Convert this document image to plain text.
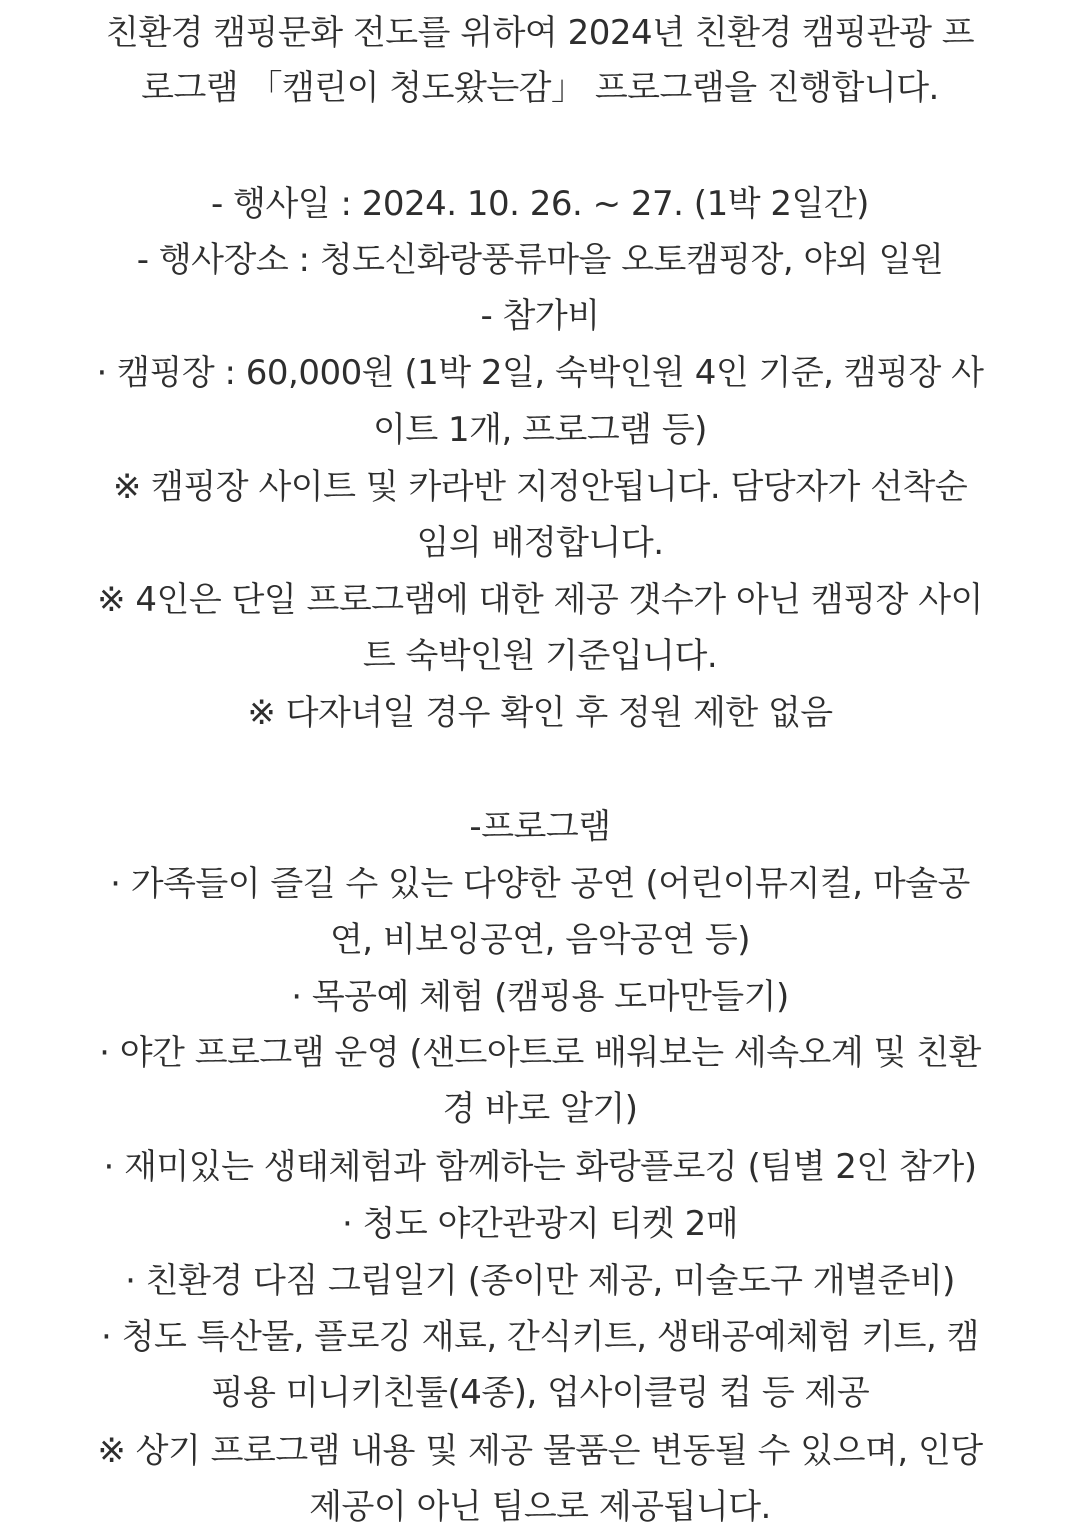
친환경 캠핑문화 전도를 위하여 2024년 친환경 캠핑관광 프
로그램 「캠린이 청도왔는감」 프로그램을 진행합니다.
- 행사일 : 2024. 10. 26. ~ 27. (1박 2일간)
- 행사장소 : 청도신화랑풍류마을 오토캠핑장, 야외 일원
- 참가비
· 캠핑장 : 60,000원 (1박 2일, 숙박인원 4인 기준, 캠핑장 사
이트 1개, 프로그램 등)
※ 캠핑장 사이트 및 카라반 지정안됩니다. 담당자가 선착순
임의 배정합니다.
※ 4인은 단일 프로그램에 대한 제공 갯수가 아닌 캠핑장 사이
트 숙박인원 기준입니다.
※ 다자녀일 경우 확인 후 정원 제한 없음
-프로그램
· 가족들이 즐길 수 있는 다양한 공연 (어린이뮤지컬, 마술공
연, 비보잉공연, 음악공연 등)
· 목공예 체험 (캠핑용 도마만들기)
· 야간 프로그램 운영 (샌드아트로 배워보는 세속오계 및 친환
경 바로 알기)
· 재미있는 생태체험과 함께하는 화랑플로깅 (팀별 2인 참가)
· 청도 야간관광지 티켓 2매
· 친환경 다짐 그림일기 (종이만 제공, 미술도구 개별준비)
· 청도 특산물, 플로깅 재료, 간식키트, 생태공예체험 키트, 캠
핑용 미니키친툴(4종), 업사이클링 컵 등 제공
※ 상기 프로그램 내용 및 제공 물품은 변동될 수 있으며, 인당
제공이 아닌 팀으로 제공됩니다.
